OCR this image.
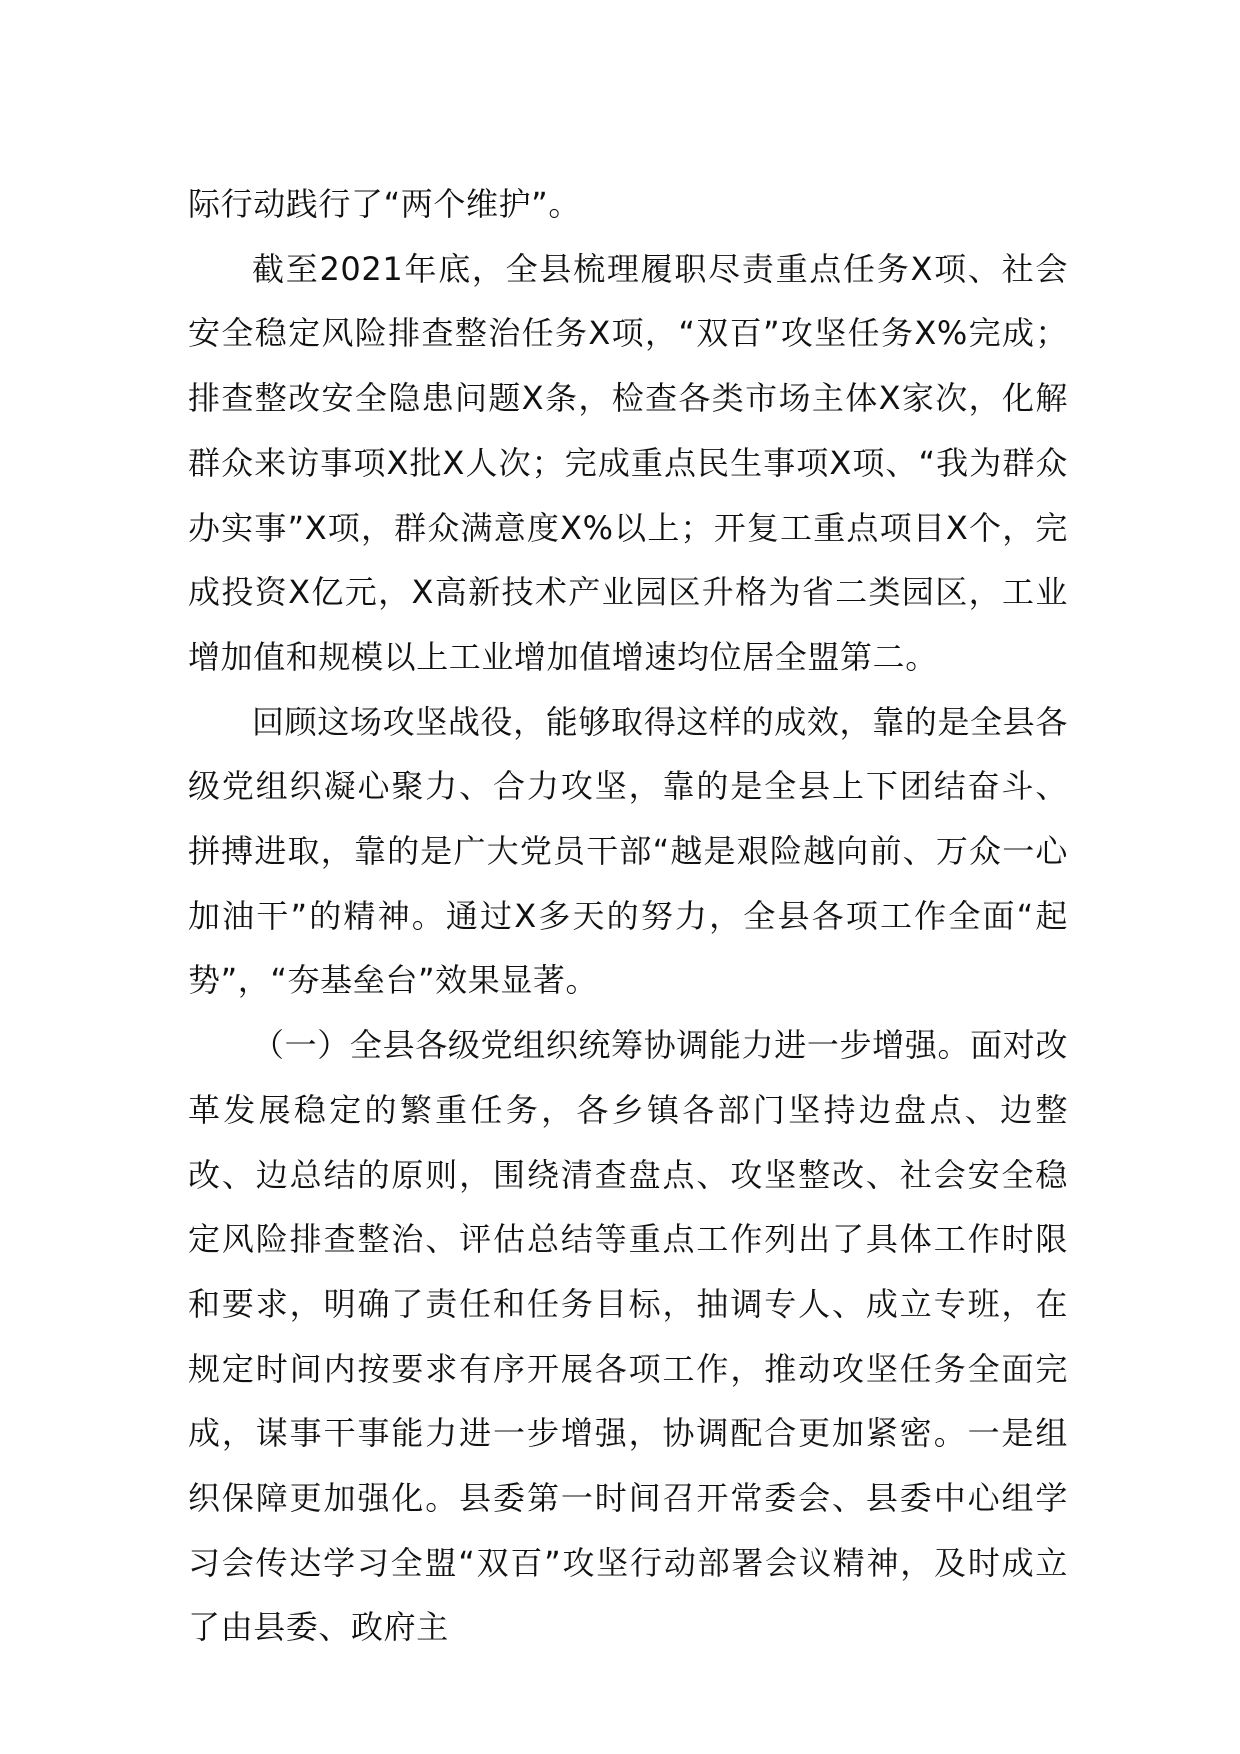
际行动践行了“两个维护”。

截至2021年底，全县梳理履职尽责重点任务X项、社会安全稳定风险排查整治任务X项，“双百”攻坚任务X%完成；排查整改安全隐患问题X条，检查各类市场主体X家次，化解群众来访事项X批X人次；完成重点民生事项X项、“我为群众办实事”X项，群众满意度X%以上；开复工重点项目X个，完成投资X亿元，X高新技术产业园区升格为省二类园区，工业增加值和规模以上工业增加值增速均位居全盟第二。

回顾这场攻坚战役，能够取得这样的成效，靠的是全县各级党组织凝心聚力、合力攻坚，靠的是全县上下团结奋斗、拼搏进取，靠的是广大党员干部“越是艰险越向前、万众一心加油干”的精神。通过X多天的努力，全县各项工作全面“起势”，“夯基垒台”效果显著。

（一）全县各级党组织统筹协调能力进一步增强。面对改革发展稳定的繁重任务，各乡镇各部门坚持边盘点、边整改、边总结的原则，围绕清查盘点、攻坚整改、社会安全稳定风险排查整治、评估总结等重点工作列出了具体工作时限和要求，明确了责任和任务目标，抽调专人、成立专班，在规定时间内按要求有序开展各项工作，推动攻坚任务全面完成，谋事干事能力进一步增强，协调配合更加紧密。一是组织保障更加强化。县委第一时间召开常委会、县委中心组学习会传达学习全盟“双百”攻坚行动部署会议精神，及时成立了由县委、政府主
